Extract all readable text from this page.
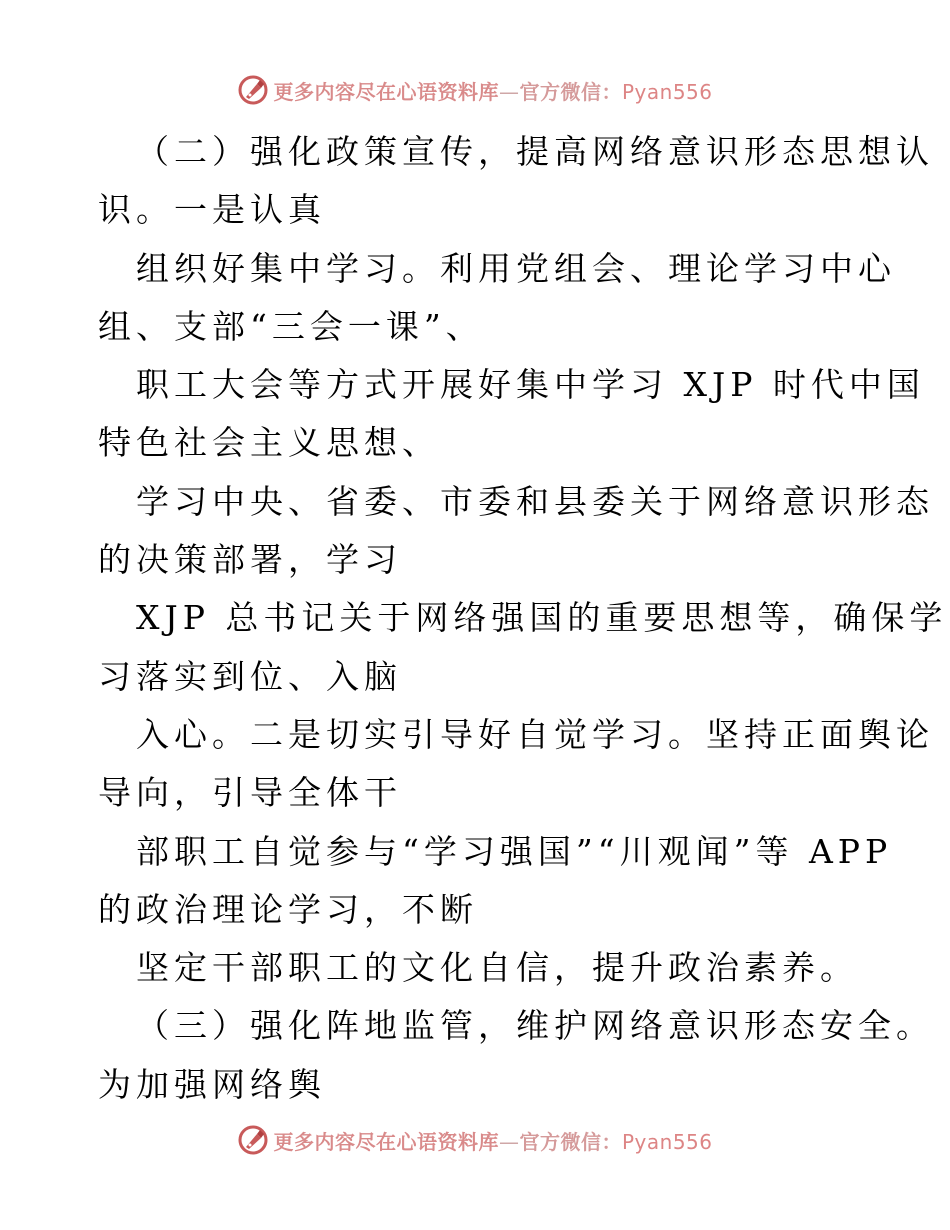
更多内容尽在心语资料库—官方微信：Pyan556
（二）强化政策宣传，提高网络意识形态思想认
识。一是认真
组织好集中学习。利用党组会、理论学习中心
组、支部“三会一课”、
职工大会等方式开展好集中学习 XJP 时代中国
特色社会主义思想、
学习中央、省委、市委和县委关于网络意识形态
的决策部署，学习
XJP 总书记关于网络强国的重要思想等，确保学
习落实到位、入脑
入心。二是切实引导好自觉学习。坚持正面舆论
导向，引导全体干
部职工自觉参与“学习强国”“川观闻”等 APP
的政治理论学习，不断
坚定干部职工的文化自信，提升政治素养。
（三）强化阵地监管，维护网络意识形态安全。
为加强网络舆
更多内容尽在心语资料库—官方微信：Pyan556
